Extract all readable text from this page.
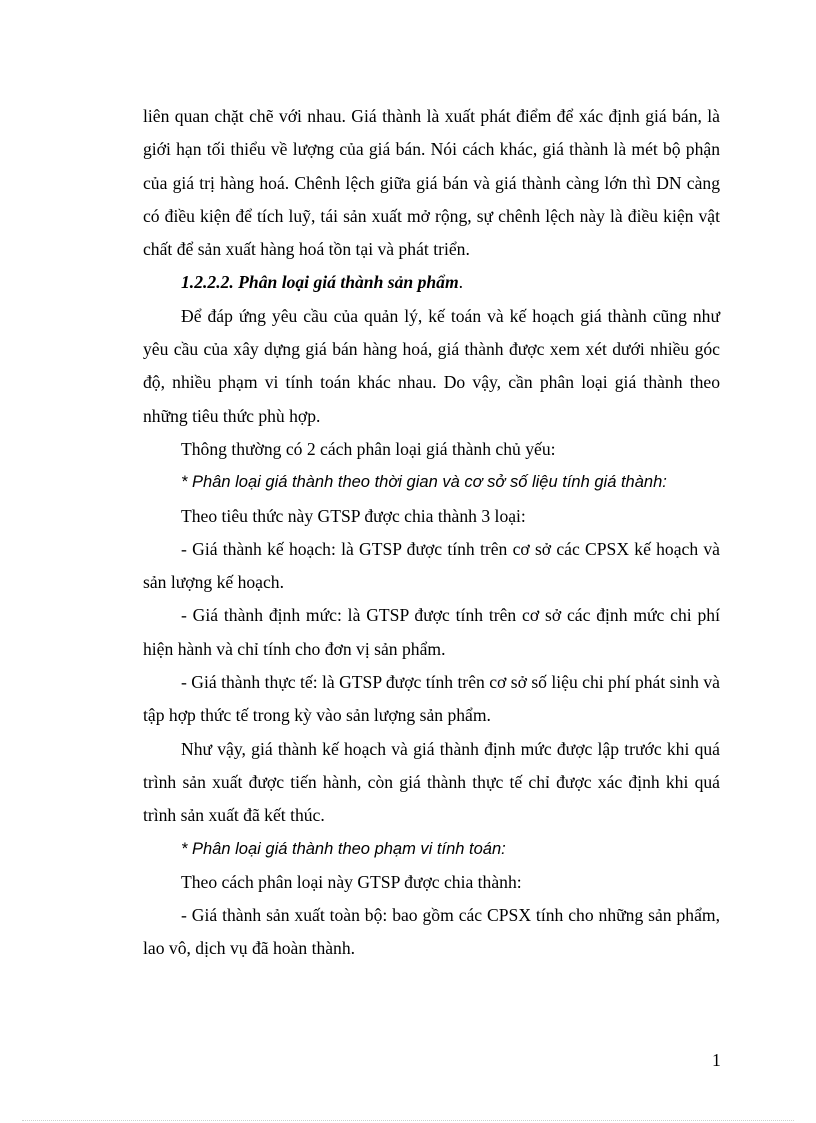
liên quan chặt chẽ với nhau. Giá thành là xuất phát điểm để xác định giá bán, là giới hạn tối thiểu về lượng của giá bán. Nói cách khác, giá thành là mét bộ phận của giá trị hàng hoá. Chênh lệch giữa giá bán và giá thành càng lớn thì DN càng có điều kiện để tích luỹ, tái sản xuất mở rộng, sự chênh lệch này là điều kiện vật chất để sản xuất hàng hoá tồn tại và phát triển.

1.2.2.2. Phân loại giá thành sản phẩm.

Để đáp ứng yêu cầu của quản lý, kế toán và kế hoạch giá thành cũng như yêu cầu của xây dựng giá bán hàng hoá, giá thành được xem xét dưới nhiều góc độ, nhiều phạm vi tính toán khác nhau. Do vậy, cần phân loại giá thành theo những tiêu thức phù hợp.

Thông thường có 2 cách phân loại giá thành chủ yếu:

* Phân loại giá thành theo thời gian và cơ sở số liệu tính giá thành:

Theo tiêu thức này GTSP được chia thành 3 loại:

- Giá thành kế hoạch: là GTSP được tính trên cơ sở các CPSX kế hoạch và sản lượng kế hoạch.

- Giá thành định mức: là GTSP được tính trên cơ sở các định mức chi phí hiện hành và chỉ tính cho đơn vị sản phẩm.

- Giá thành thực tế: là GTSP được tính trên cơ sở số liệu chi phí phát sinh và tập hợp thức tế trong kỳ vào sản lượng sản phẩm.

Như vậy, giá thành kế hoạch và giá thành định mức được lập trước khi quá trình sản xuất được tiến hành, còn giá thành thực tế chỉ được xác định khi quá trình sản xuất đã kết thúc.

* Phân loại giá thành theo phạm vi tính toán:

Theo cách phân loại này GTSP được chia thành:

- Giá thành sản xuất toàn bộ: bao gồm các CPSX tính cho những sản phẩm, lao vô, dịch vụ đã hoàn thành.

1
